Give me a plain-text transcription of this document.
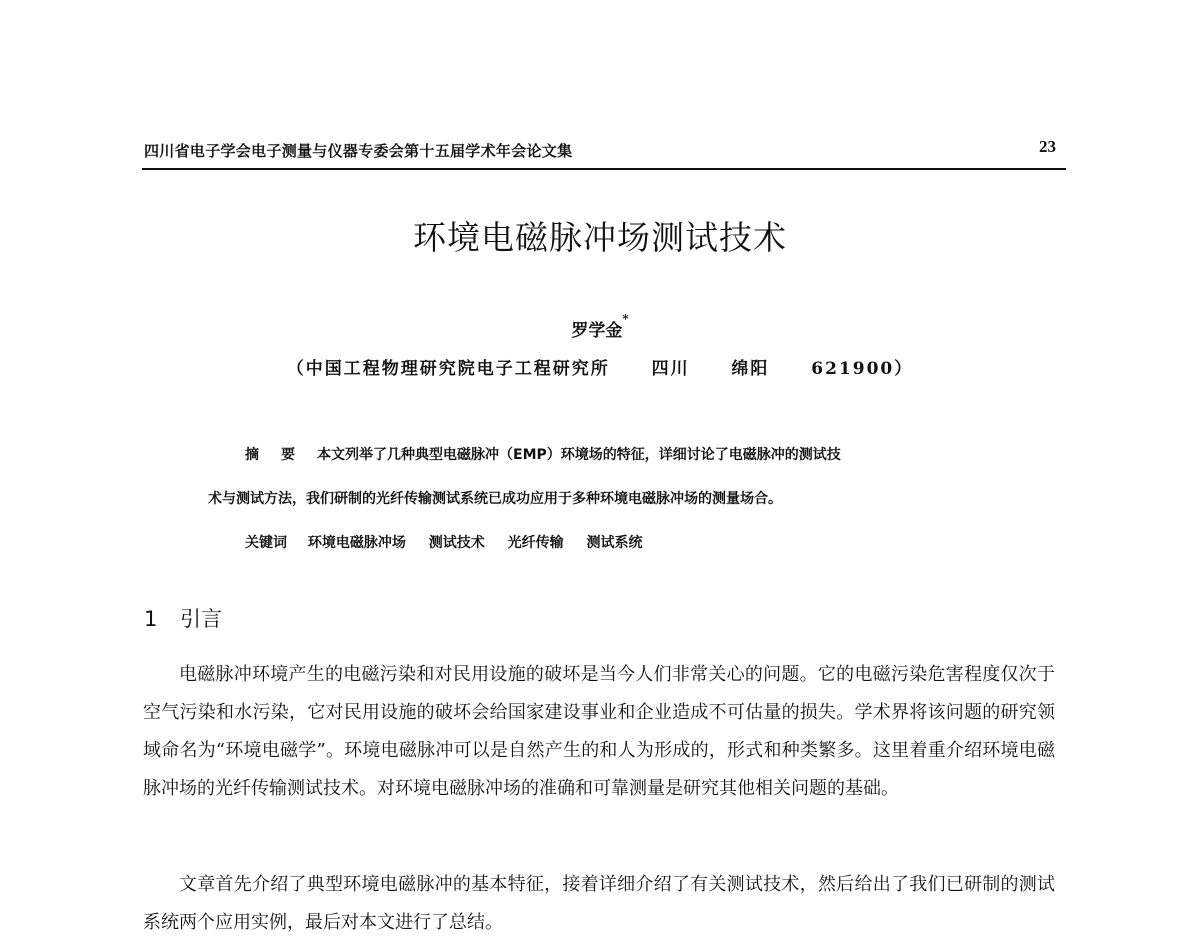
四川省电子学会电子测量与仪器专委会第十五届学术年会论文集	23
环境电磁脉冲场测试技术
罗学金*
（中国工程物理研究院电子工程研究所 四川 绵阳 621900）
摘要本文列举了几种典型电磁脉冲（EMP）环境场的特征，详细讨论了电磁脉冲的测试技
术与测试方法，我们研制的光纤传输测试系统已成功应用于多种环境电磁脉冲场的测量场合。
关键词 环境电磁脉冲场 测试技术 光纤传输 测试系统
1 引言

电磁脉冲环境产生的电磁污染和对民用设施的破坏是当今人们非常关心的问题。它的电磁污染危害程度仅次于空气污染和水污染，它对民用设施的破坏会给国家建设事业和企业造成不可估量的损失。学术界将该问题的研究领域命名为“环境电磁学”。环境电磁脉冲可以是自然产生的和人为形成的，形式和种类繁多。这里着重介绍环境电磁脉冲场的光纤传输测试技术。对环境电磁脉冲场的准确和可靠测量是研究其他相关问题的基础。

文章首先介绍了典型环境电磁脉冲的基本特征，接着详细介绍了有关测试技术，然后给出了我们已研制的测试系统两个应用实例，最后对本文进行了总结。
